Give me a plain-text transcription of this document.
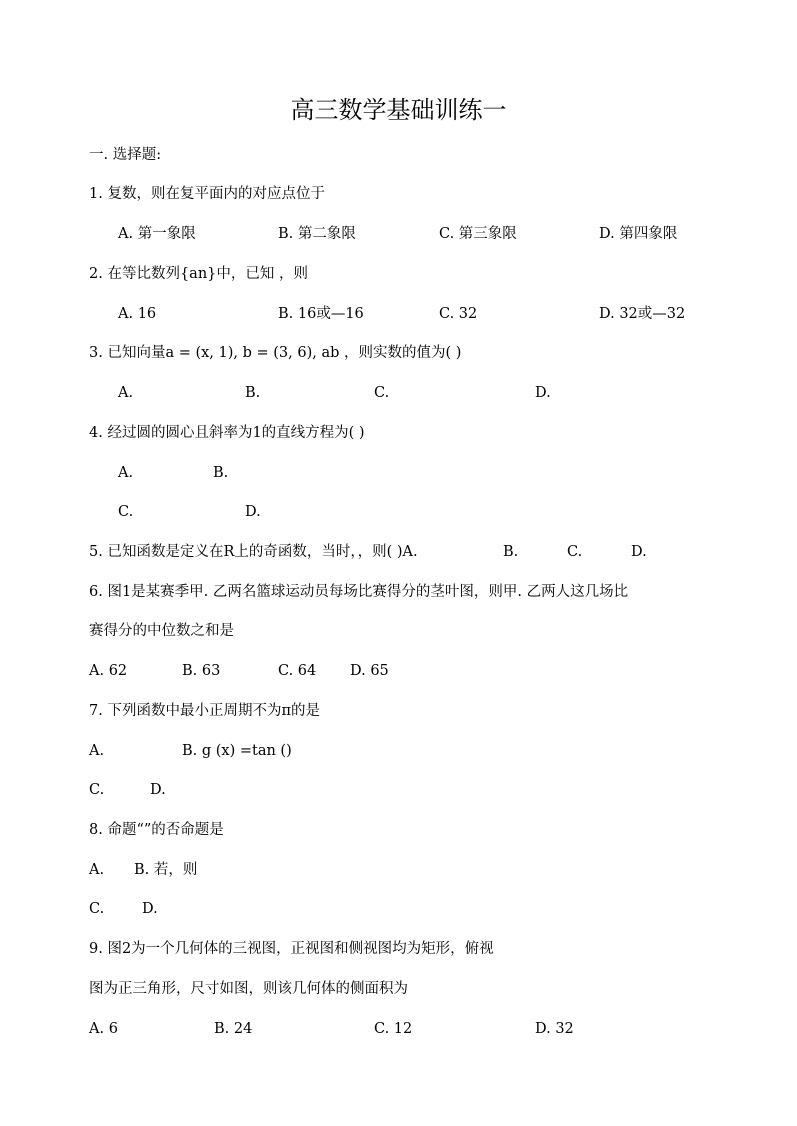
高三数学基础训练一
一. 选择题:
1. 复数，则在复平面内的对应点位于
A. 第一象限	B. 第二象限	C. 第三象限	D. 第四象限
2. 在等比数列{an}中，已知 ，则
A. 16	B. 16或—16	C. 32	D. 32或—32
3. 已知向量a = (x, 1), b = (3, 6), ab ，则实数的值为( )
A.	B.	C.	D.
4. 经过圆的圆心且斜率为1的直线方程为( )
A.	B.
C.	D.
5. 已知函数是定义在R上的奇函数，当时，，则( )A.	B.	C.	D.
6. 图1是某赛季甲. 乙两名篮球运动员每场比赛得分的茎叶图，则甲. 乙两人这几场比
赛得分的中位数之和是
A. 62	B. 63	C. 64 D. 65
7. 下列函数中最小正周期不为π的是
A.	B. g (x) =tan ()
C.	D.
8. 命题“”的否命题是
A. B. 若，则
C.	D.
9. 图2为一个几何体的三视图，正视图和侧视图均为矩形，俯视
图为正三角形，尺寸如图，则该几何体的侧面积为
A. 6	B. 24	C. 12	D. 32
